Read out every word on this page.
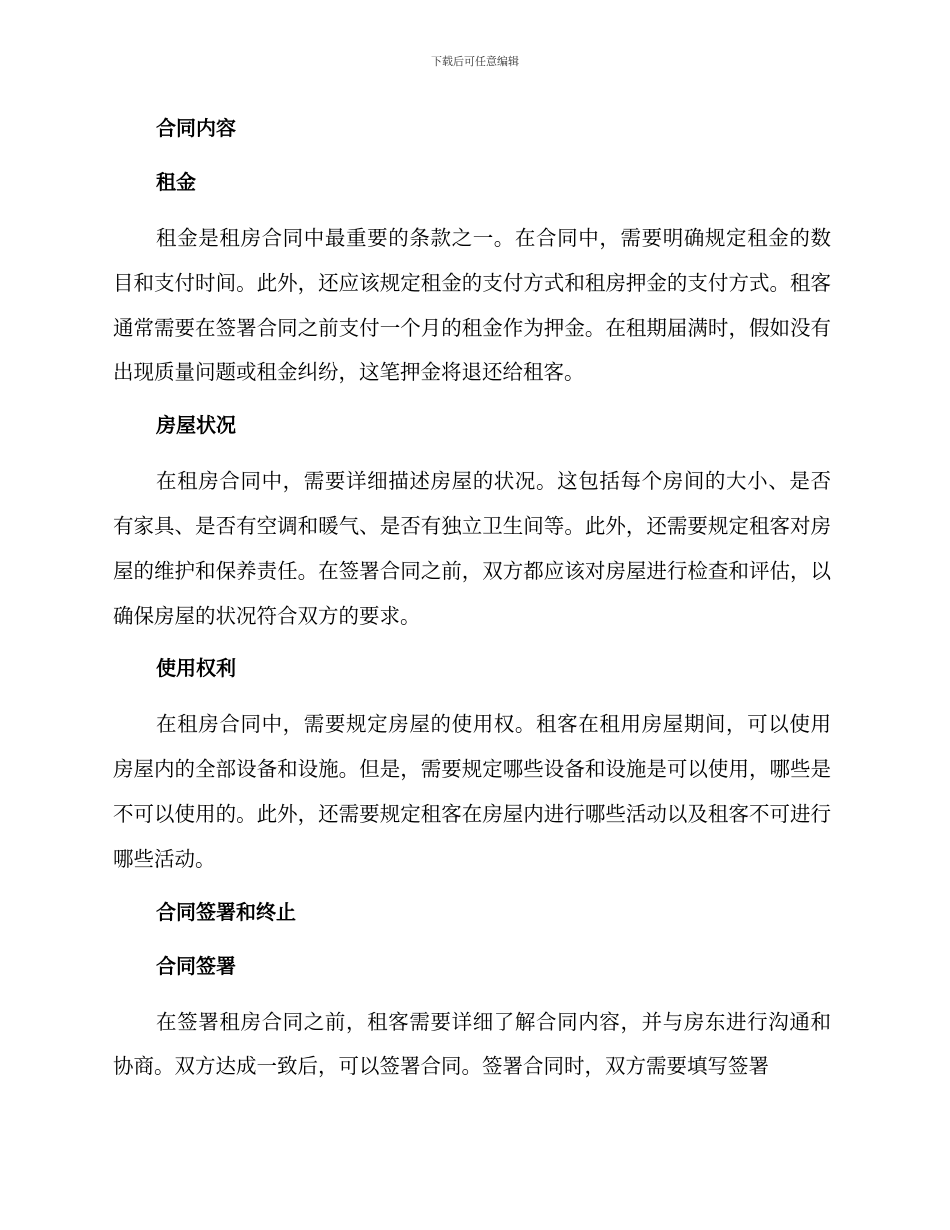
下载后可任意编辑
合同内容
租金
租金是租房合同中最重要的条款之一。在合同中，需要明确规定租金的数目和支付时间。此外，还应该规定租金的支付方式和租房押金的支付方式。租客通常需要在签署合同之前支付一个月的租金作为押金。在租期届满时，假如没有出现质量问题或租金纠纷，这笔押金将退还给租客。
房屋状况
在租房合同中，需要详细描述房屋的状况。这包括每个房间的大小、是否有家具、是否有空调和暖气、是否有独立卫生间等。此外，还需要规定租客对房屋的维护和保养责任。在签署合同之前，双方都应该对房屋进行检查和评估，以确保房屋的状况符合双方的要求。
使用权利
在租房合同中，需要规定房屋的使用权。租客在租用房屋期间，可以使用房屋内的全部设备和设施。但是，需要规定哪些设备和设施是可以使用，哪些是不可以使用的。此外，还需要规定租客在房屋内进行哪些活动以及租客不可进行哪些活动。
合同签署和终止
合同签署
在签署租房合同之前，租客需要详细了解合同内容，并与房东进行沟通和协商。双方达成一致后，可以签署合同。签署合同时，双方需要填写签署
